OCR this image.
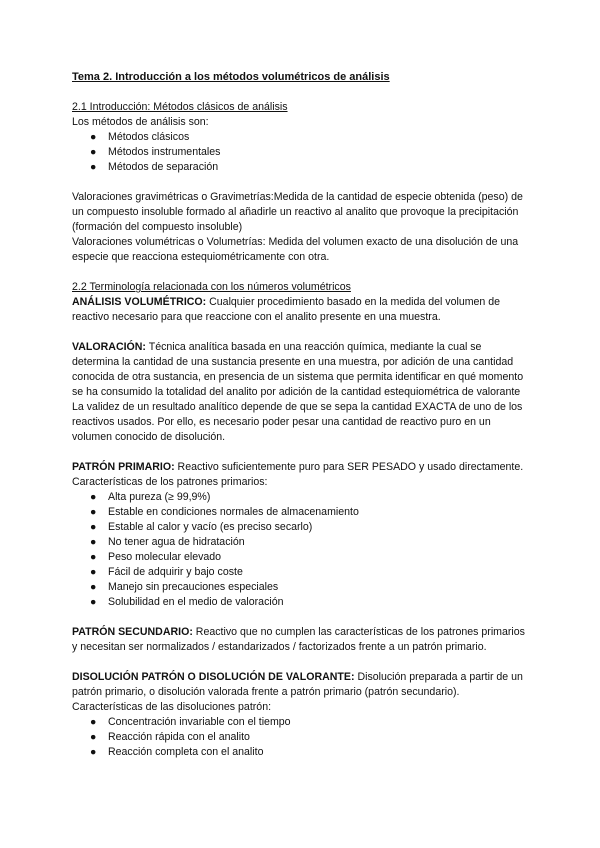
Tema 2. Introducción a los métodos volumétricos de análisis

2.1 Introducción: Métodos clásicos de análisis

Los métodos de análisis son:

● Métodos clásicos
● Métodos instrumentales
● Métodos de separación

Valoraciones gravimétricas o Gravimetrías:Medida de la cantidad de especie obtenida (peso) de un compuesto insoluble formado al añadirle un reactivo al analito que provoque la precipitación (formación del compuesto insoluble)

Valoraciones volumétricas o Volumetrías: Medida del volumen exacto de una disolución de una especie que reacciona estequiométricamente con otra.

2.2 Terminología relacionada con los números volumétricos

ANÁLISIS VOLUMÉTRICO: Cualquier procedimiento basado en la medida del volumen de reactivo necesario para que reaccione con el analito presente en una muestra.

VALORACIÓN: Técnica analítica basada en una reacción química, mediante la cual se determina la cantidad de una sustancia presente en una muestra, por adición de una cantidad conocida de otra sustancia, en presencia de un sistema que permita identificar en qué momento se ha consumido la totalidad del analito por adición de la cantidad estequiométrica de valorante

La validez de un resultado analítico depende de que se sepa la cantidad EXACTA de uno de los reactivos usados. Por ello, es necesario poder pesar una cantidad de reactivo puro en un volumen conocido de disolución.

PATRÓN PRIMARIO: Reactivo suficientemente puro para SER PESADO y usado directamente. Características de los patrones primarios:

● Alta pureza (≥ 99,9%)
● Estable en condiciones normales de almacenamiento
● Estable al calor y vacío (es preciso secarlo)
● No tener agua de hidratación
● Peso molecular elevado
● Fácil de adquirir y bajo coste
● Manejo sin precauciones especiales
● Solubilidad en el medio de valoración

PATRÓN SECUNDARIO: Reactivo que no cumplen las características de los patrones primarios y necesitan ser normalizados / estandarizados / factorizados frente a un patrón primario.

DISOLUCIÓN PATRÓN O DISOLUCIÓN DE VALORANTE: Disolución preparada a partir de un patrón primario, o disolución valorada frente a patrón primario (patrón secundario). Características de las disoluciones patrón:

● Concentración invariable con el tiempo
● Reacción rápida con el analito
● Reacción completa con el analito
